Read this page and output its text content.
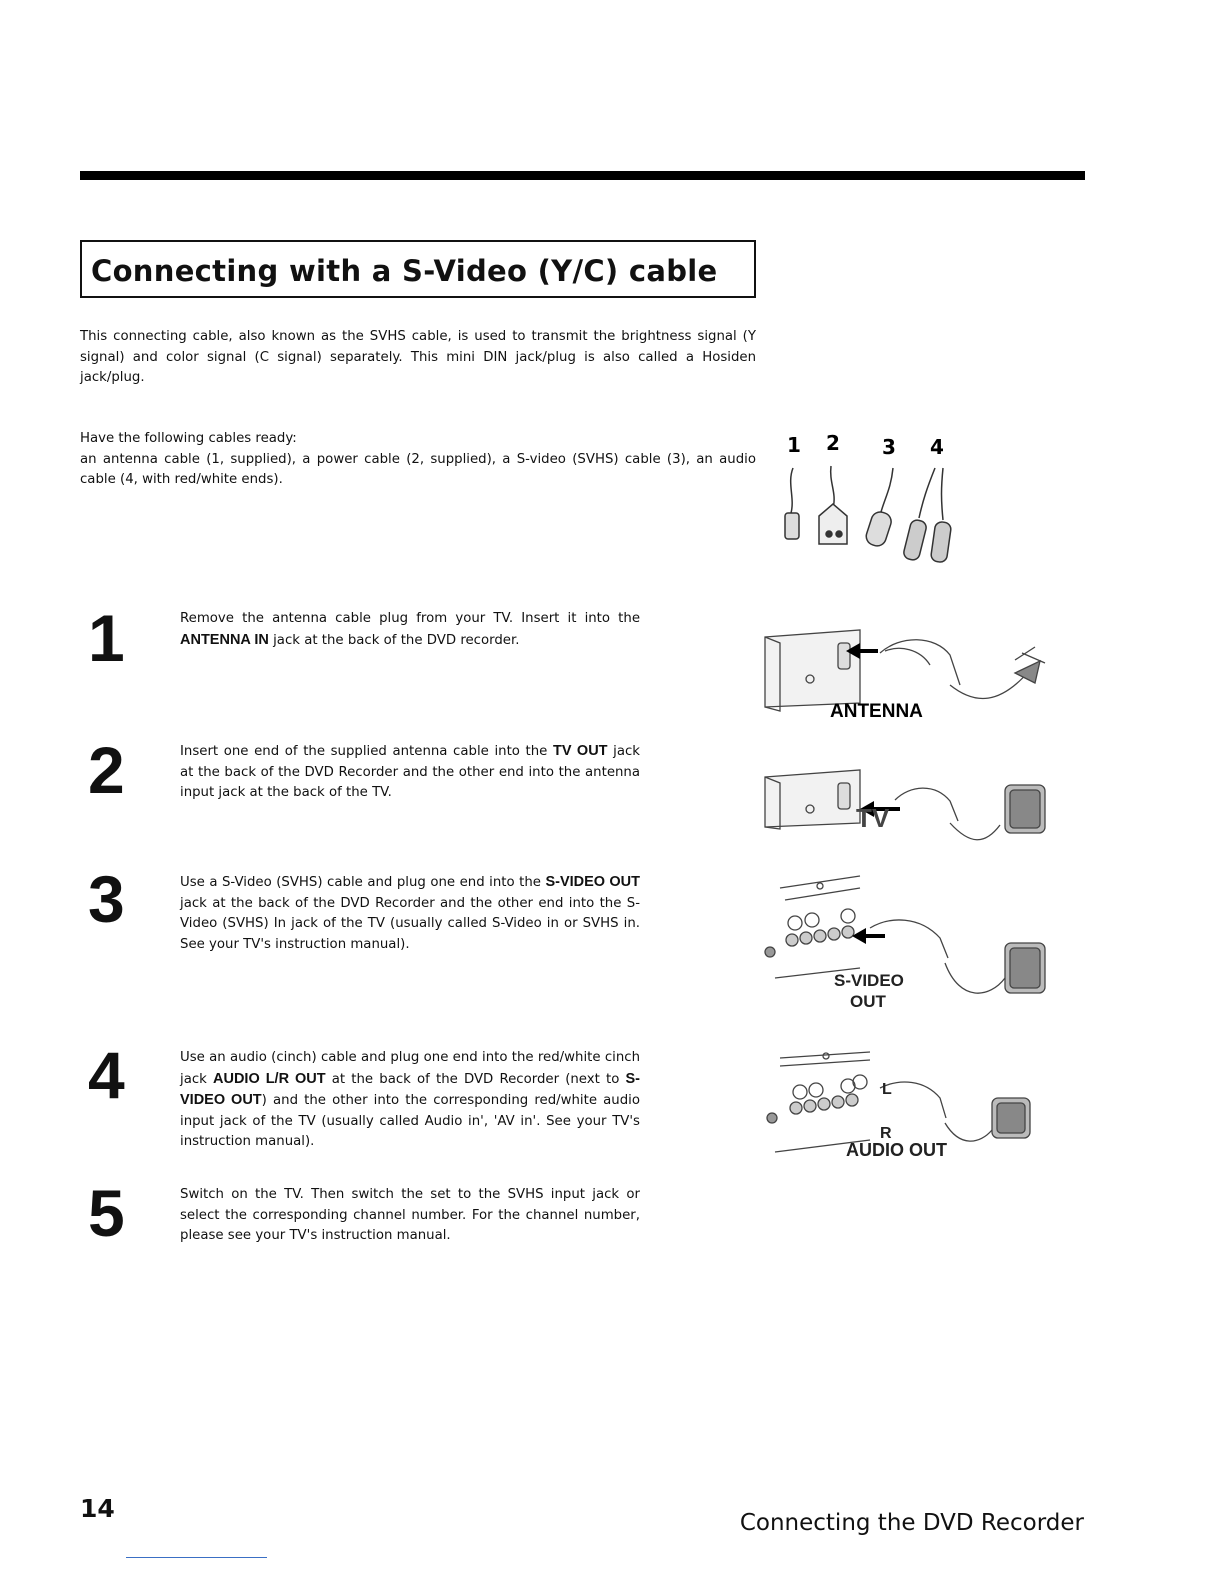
Connecting with a S-Video (Y/C) cable

This connecting cable, also known as the SVHS cable, is used to transmit the brightness signal (Y signal) and color signal (C signal) separately. This mini DIN jack/plug is also called a Hosiden jack/plug.

Have the following cables ready:
an antenna cable (1, supplied), a power cable (2, supplied), a S-video (SVHS) cable (3), an audio cable (4, with red/white ends).
1 2 3 4
1	Remove the antenna cable plug from your TV. Insert it into the ANTENNA IN jack at the back of the DVD recorder.
2	Insert one end of the supplied antenna cable into the TV OUT jack at the back of the DVD Recorder and the other end into the antenna input jack at the back of the TV.
3	Use a S-Video (SVHS) cable and plug one end into the S-VIDEO OUT jack at the back of the DVD Recorder and the other end into the S-Video (SVHS) In jack of the TV (usually called S-Video in or SVHS in. See your TV's instruction manual).
4	Use an audio (cinch) cable and plug one end into the red/white cinch jack AUDIO L/R OUT at the back of the DVD Recorder (next to S-VIDEO OUT) and the other into the corresponding red/white audio input jack of the TV (usually called Audio in', 'AV in'. See your TV's instruction manual).
5	Switch on the TV. Then switch the set to the SVHS input jack or select the corresponding channel number. For the channel number, please see your TV's instruction manual.
ANTENNA
TV
S-VIDEO
OUT
L
R
AUDIO OUT
14	Connecting the DVD Recorder
